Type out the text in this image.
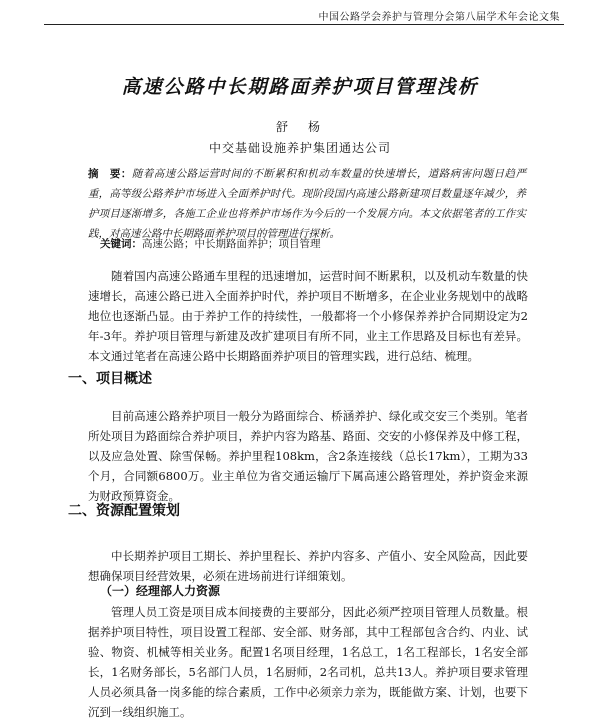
中国公路学会养护与管理分会第八届学术年会论文集
高速公路中长期路面养护项目管理浅析
舒　杨
中交基础设施养护集团通达公司
摘　要：随着高速公路运营时间的不断累积和机动车数量的快速增长，道路病害问题日趋严重，高等级公路养护市场进入全面养护时代。现阶段国内高速公路新建项目数量逐年减少，养护项目逐渐增多，各施工企业也将养护市场作为今后的一个发展方向。本文依据笔者的工作实践，对高速公路中长期路面养护项目的管理进行探析。
关键词：高速公路；中长期路面养护；项目管理
随着国内高速公路通车里程的迅速增加，运营时间不断累积，以及机动车数量的快速增长，高速公路已进入全面养护时代，养护项目不断增多，在企业业务规划中的战略地位也逐渐凸显。由于养护工作的持续性，一般都将一个小修保养养护合同期设定为2年-3年。养护项目管理与新建及改扩建项目有所不同，业主工作思路及目标也有差异。本文通过笔者在高速公路中长期路面养护项目的管理实践，进行总结、梳理。
一、项目概述
目前高速公路养护项目一般分为路面综合、桥涵养护、绿化或交安三个类别。笔者所处项目为路面综合养护项目，养护内容为路基、路面、交安的小修保养及中修工程，以及应急处置、除雪保畅。养护里程108km，含2条连接线（总长17km），工期为33个月，合同额6800万。业主单位为省交通运输厅下属高速公路管理处，养护资金来源为财政预算资金。
二、资源配置策划
中长期养护项目工期长、养护里程长、养护内容多、产值小、安全风险高，因此要想确保项目经营效果，必须在进场前进行详细策划。
（一）经理部人力资源
管理人员工资是项目成本间接费的主要部分，因此必须严控项目管理人员数量。根据养护项目特性，项目设置工程部、安全部、财务部，其中工程部包含合约、内业、试验、物资、机械等相关业务。配置1名项目经理，1名总工，1名工程部长，1名安全部长，1名财务部长，5名部门人员，1名厨师，2名司机，总共13人。养护项目要求管理人员必须具备一岗多能的综合素质，工作中必须亲力亲为，既能做方案、计划，也要下沉到一线组织施工。
